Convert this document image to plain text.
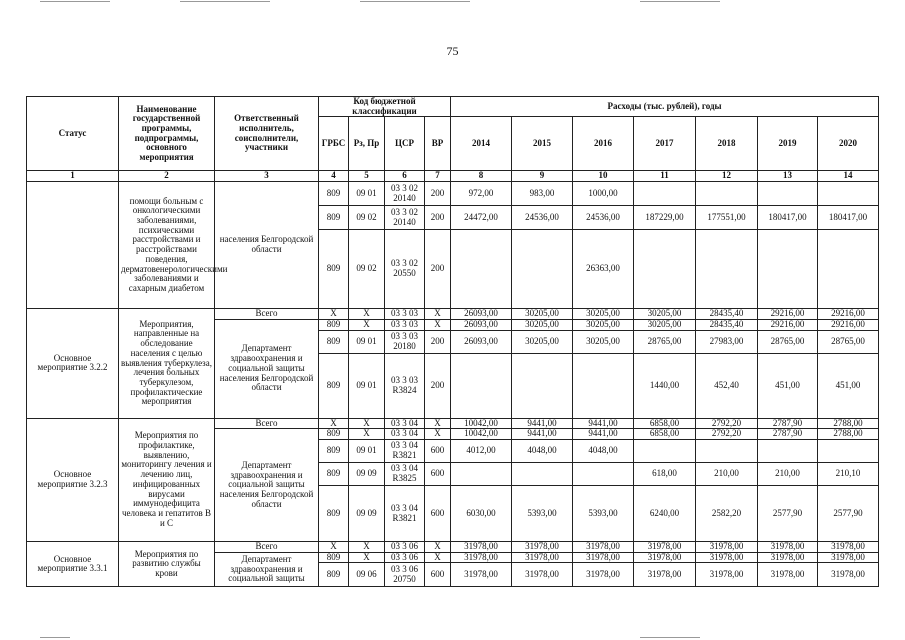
75
Статус	Наименование государственной программы, подпрограммы, основного мероприятия	Ответственный исполнитель, соисполнители, участники	Код бюджетной классификации				Расходы (тыс. рублей), годы						
			ГРБС	Рз, Пр	ЦСР	ВР	2014	2015	2016	2017	2018	2019	2020
1	2	3	4	5	6	7	8	9	10	11	12	13	14
	помощи больным с онкологическими заболеваниями, психическими расстройствами и расстройствами поведения, дерматовенерологическими заболеваниями и сахарным диабетом	населения Белгородской области	809	09 01	03 3 02 20140	200	972,00	983,00	1000,00				
			809	09 02	03 3 02 20140	200	24472,00	24536,00	24536,00	187229,00	177551,00	180417,00	180417,00
			809	09 02	03 3 02 20550	200			26363,00				
Основное мероприятие 3.2.2	Мероприятия, направленные на обследование населения с целью выявления туберкулеза, лечения больных туберкулезом, профилактические мероприятия	Всего	X	X	03 3 03	X	26093,00	30205,00	30205,00	30205,00	28435,40	29216,00	29216,00
		Департамент здравоохранения и социальной защиты населения Белгородской области	809	X	03 3 03	X	26093,00	30205,00	30205,00	30205,00	28435,40	29216,00	29216,00
			809	09 01	03 3 03 20180	200	26093,00	30205,00	30205,00	28765,00	27983,00	28765,00	28765,00
			809	09 01	03 3 03 R3824	200				1440,00	452,40	451,00	451,00
Основное мероприятие 3.2.3	Мероприятия по профилактике, выявлению, мониторингу лечения и лечению лиц, инфицированных вирусами иммунодефицита человека и гепатитов В и С	Всего	X	X	03 3 04	X	10042,00	9441,00	9441,00	6858,00	2792,20	2787,90	2788,00
		Департамент здравоохранения и социальной защиты населения Белгородской области	809	X	03 3 04	X	10042,00	9441,00	9441,00	6858,00	2792,20	2787,90	2788,00
			809	09 01	03 3 04 R3821	600	4012,00	4048,00	4048,00				
			809	09 09	03 3 04 R3825	600				618,00	210,00	210,00	210,10
			809	09 09	03 3 04 R3821	600	6030,00	5393,00	5393,00	6240,00	2582,20	2577,90	2577,90
Основное мероприятие 3.3.1	Мероприятия по развитию службы крови	Всего	X	X	03 3 06	X	31978,00	31978,00	31978,00	31978,00	31978,00	31978,00	31978,00
		Департамент здравоохранения и социальной защиты	809	X	03 3 06	X	31978,00	31978,00	31978,00	31978,00	31978,00	31978,00	31978,00
			809	09 06	03 3 06 20750	600	31978,00	31978,00	31978,00	31978,00	31978,00	31978,00	31978,00
